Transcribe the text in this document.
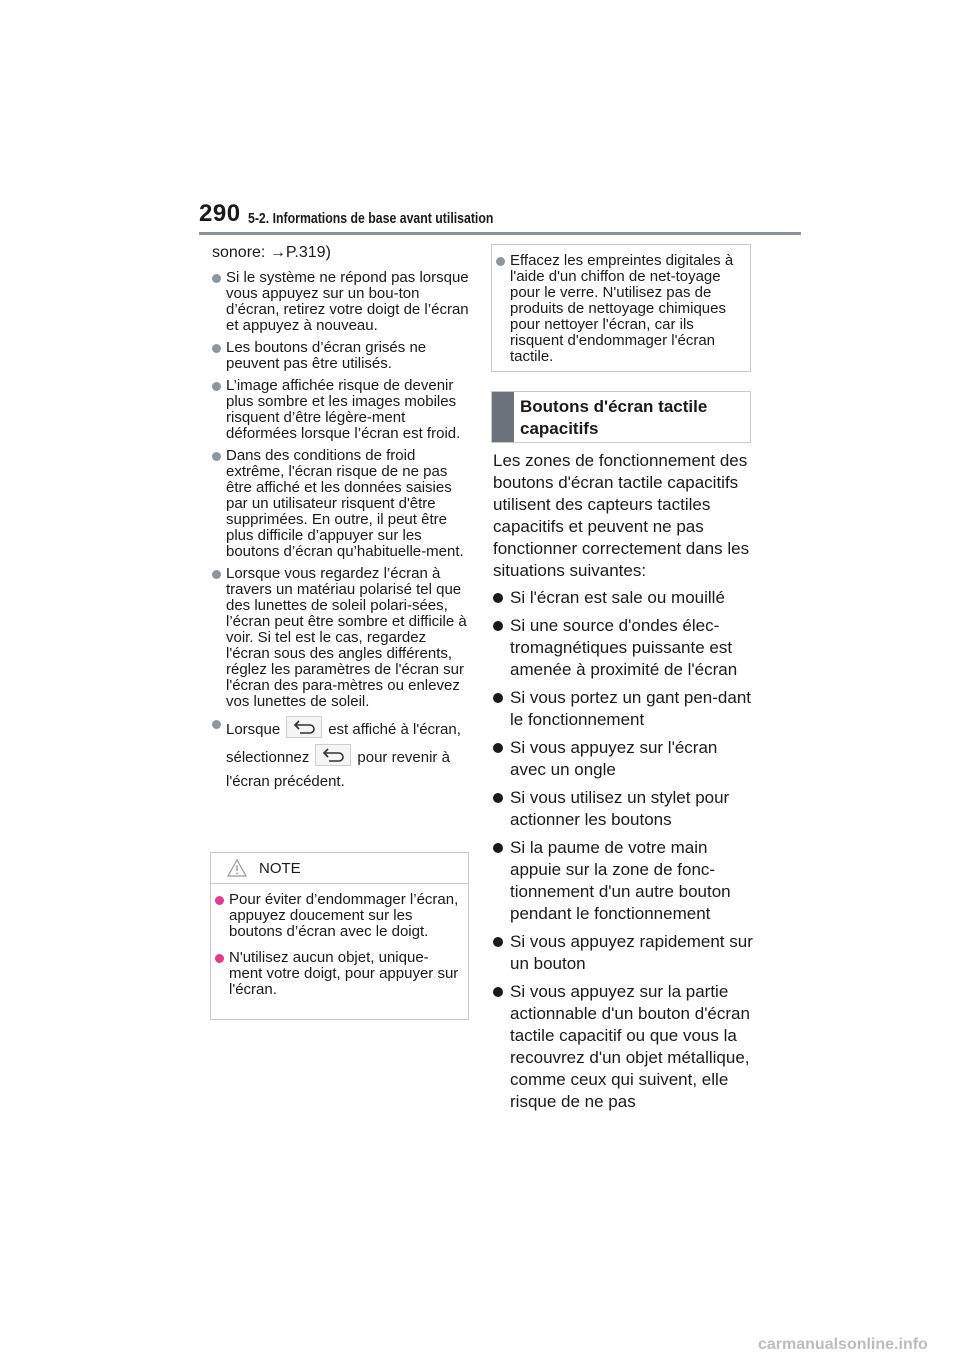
290 5-2. Informations de base avant utilisation

sonore: →P.319)

Si le système ne répond pas lorsque vous appuyez sur un bou-ton d’écran, retirez votre doigt de l’écran et appuyez à nouveau.
Les boutons d’écran grisés ne peuvent pas être utilisés.
L’image affichée risque de devenir plus sombre et les images mobiles risquent d’être légère-ment déformées lorsque l’écran est froid.
Dans des conditions de froid extrême, l'écran risque de ne pas être affiché et les données saisies par un utilisateur risquent d'être supprimées. En outre, il peut être plus difficile d’appuyer sur les boutons d’écran qu’habituelle-ment.
Lorsque vous regardez l’écran à travers un matériau polarisé tel que des lunettes de soleil polari-sées, l’écran peut être sombre et difficile à voir. Si tel est le cas, regardez l'écran sous des angles différents, réglez les paramètres de l'écran sur l'écran des para-mètres ou enlevez vos lunettes de soleil.
Lorsque	est affiché à l'écran, sélectionnez	pour revenir à l'écran précédent.
NOTE
Pour éviter d’endommager l’écran, appuyez doucement sur les boutons d’écran avec le doigt.
N'utilisez aucun objet, unique-ment votre doigt, pour appuyer sur l'écran.
Effacez les empreintes digitales à l'aide d'un chiffon de net-toyage pour le verre. N'utilisez pas de produits de nettoyage chimiques pour nettoyer l'écran, car ils risquent d'endommager l'écran tactile.
Boutons d'écran tactile capacitifs

Les zones de fonctionnement des boutons d'écran tactile capacitifs utilisent des capteurs tactiles capacitifs et peuvent ne pas fonctionner correctement dans les situations suivantes:

Si l'écran est sale ou mouillé
Si une source d'ondes élec-tromagnétiques puissante est amenée à proximité de l'écran
Si vous portez un gant pen-dant le fonctionnement
Si vous appuyez sur l'écran avec un ongle
Si vous utilisez un stylet pour actionner les boutons
Si la paume de votre main appuie sur la zone de fonc-tionnement d'un autre bouton pendant le fonctionnement
Si vous appuyez rapidement sur un bouton
Si vous appuyez sur la partie actionnable d'un bouton d'écran tactile capacitif ou que vous la recouvrez d'un objet métallique, comme ceux qui suivent, elle risque de ne pas
carmanualsonline.info
